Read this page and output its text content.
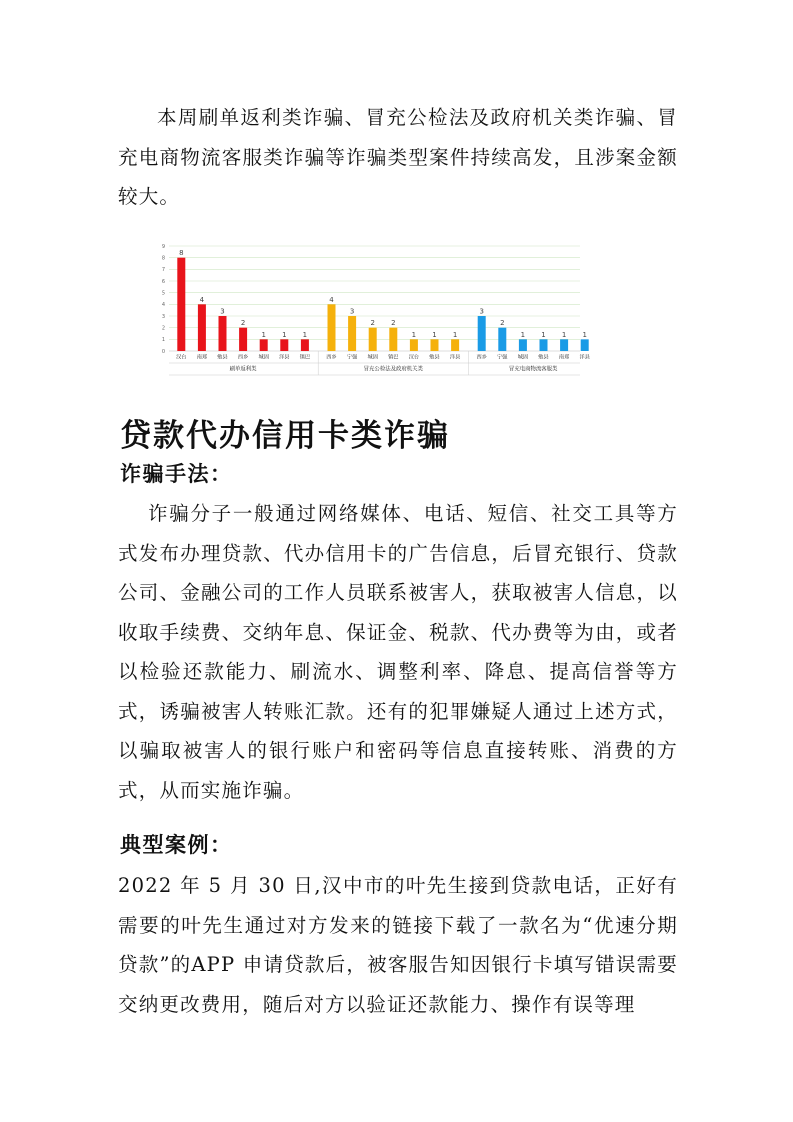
本周刷单返利类诈骗、冒充公检法及政府机关类诈骗、冒充电商物流客服类诈骗等诈骗类型案件持续高发，且涉案金额较大。

0
1
2
3
4
5
6
7
8
9
8
汉台
4
南郑
3
勉县
2
西乡
1
城固
1
洋县
1
镇巴
刷单返利类
4
西乡
3
宁强
2
城固
2
镇巴
1
汉台
1
勉县
1
洋县
冒充公检法及政府机关类
3
西乡
2
宁强
1
城固
1
勉县
1
南郑
1
洋县
冒充电商物流客服类
贷款代办信用卡类诈骗
诈骗手法：

诈骗分子一般通过网络媒体、电话、短信、社交工具等方式发布办理贷款、代办信用卡的广告信息，后冒充银行、贷款公司、金融公司的工作人员联系被害人，获取被害人信息，以收取手续费、交纳年息、保证金、税款、代办费等为由，或者以检验还款能力、刷流水、调整利率、降息、提高信誉等方式，诱骗被害人转账汇款。还有的犯罪嫌疑人通过上述方式，以骗取被害人的银行账户和密码等信息直接转账、消费的方式，从而实施诈骗。

典型案例：

2022 年 5 月 30 日,汉中市的叶先生接到贷款电话，正好有需要的叶先生通过对方发来的链接下载了一款名为“优速分期贷款”的APP 申请贷款后，被客服告知因银行卡填写错误需要交纳更改费用，随后对方以验证还款能力、操作有误等理
